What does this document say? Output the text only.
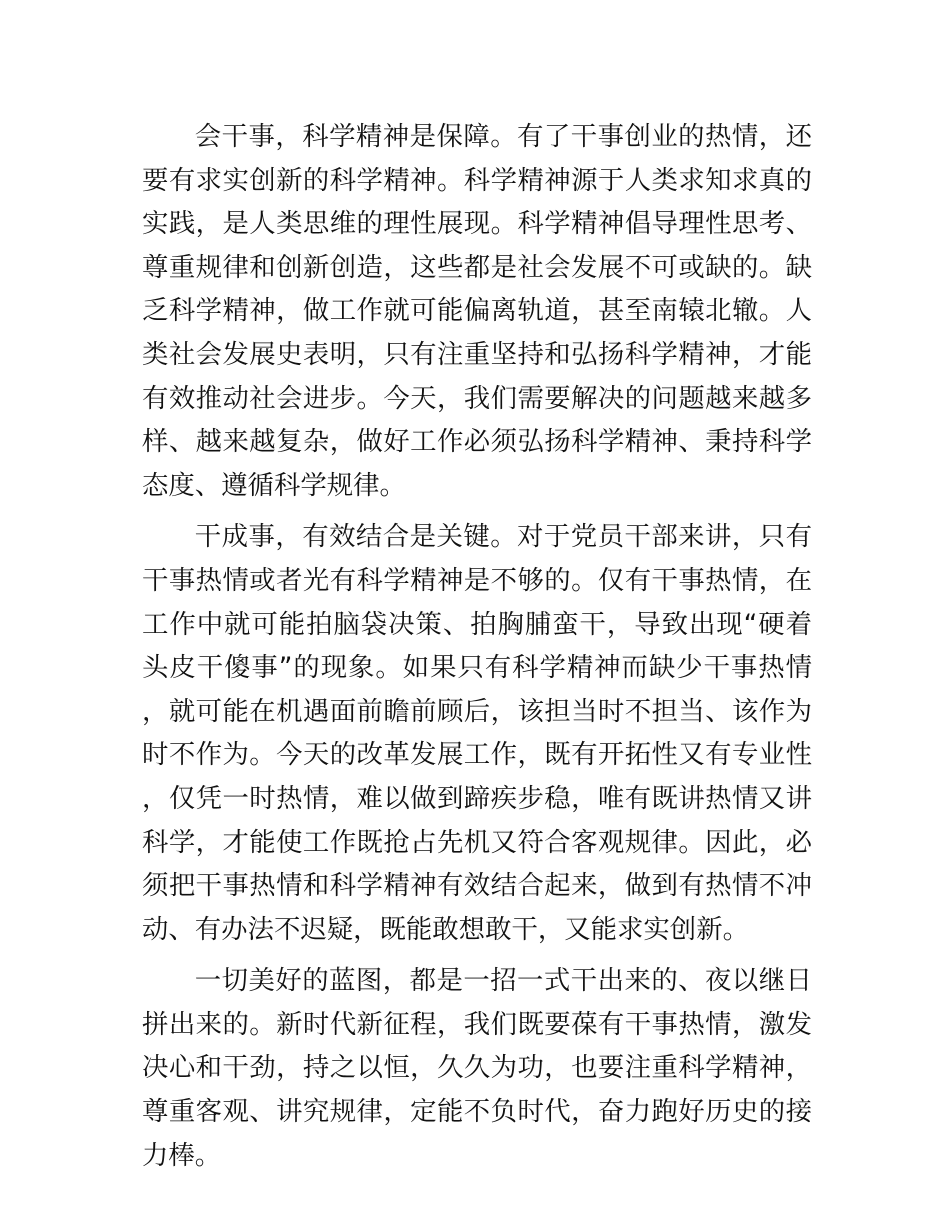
会干事，科学精神是保障。有了干事创业的热情，还要有求实创新的科学精神。科学精神源于人类求知求真的实践，是人类思维的理性展现。科学精神倡导理性思考、尊重规律和创新创造，这些都是社会发展不可或缺的。缺乏科学精神，做工作就可能偏离轨道，甚至南辕北辙。人类社会发展史表明，只有注重坚持和弘扬科学精神，才能有效推动社会进步。今天，我们需要解决的问题越来越多样、越来越复杂，做好工作必须弘扬科学精神、秉持科学态度、遵循科学规律。

干成事，有效结合是关键。对于党员干部来讲，只有干事热情或者光有科学精神是不够的。仅有干事热情，在工作中就可能拍脑袋决策、拍胸脯蛮干，导致出现“硬着头皮干傻事”的现象。如果只有科学精神而缺少干事热情，就可能在机遇面前瞻前顾后，该担当时不担当、该作为时不作为。今天的改革发展工作，既有开拓性又有专业性，仅凭一时热情，难以做到蹄疾步稳，唯有既讲热情又讲科学，才能使工作既抢占先机又符合客观规律。因此，必须把干事热情和科学精神有效结合起来，做到有热情不冲动、有办法不迟疑，既能敢想敢干，又能求实创新。

一切美好的蓝图，都是一招一式干出来的、夜以继日拼出来的。新时代新征程，我们既要葆有干事热情，激发决心和干劲，持之以恒，久久为功，也要注重科学精神，尊重客观、讲究规律，定能不负时代，奋力跑好历史的接力棒。
